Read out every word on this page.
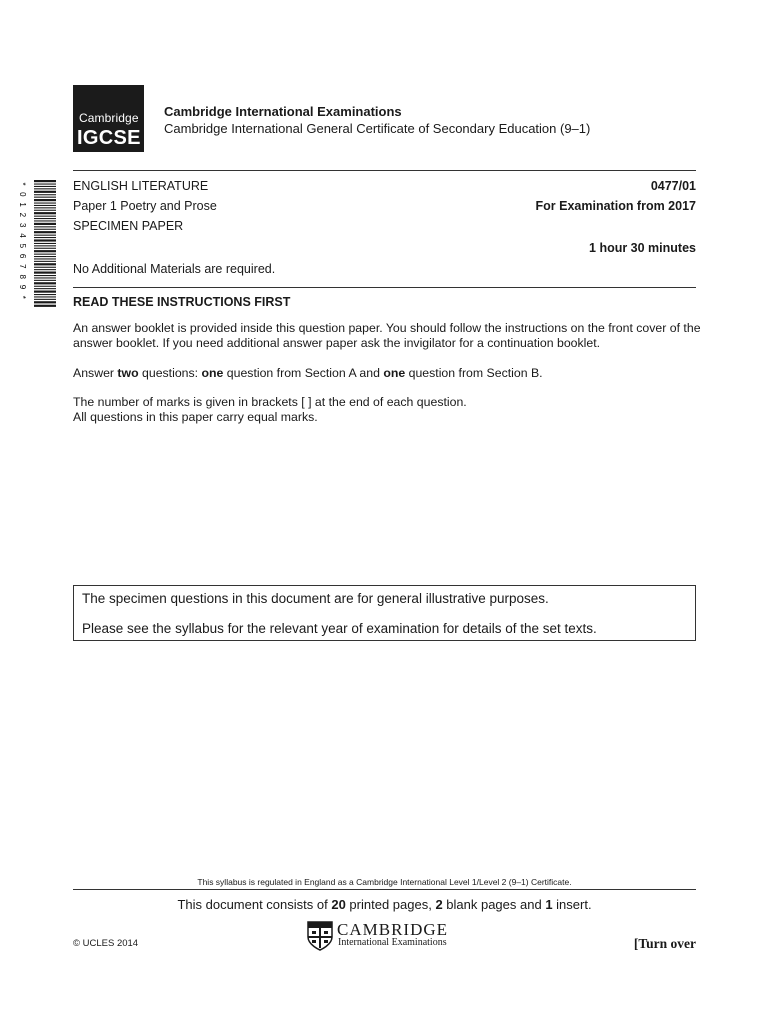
Cambridge
IGCSE
Cambridge International Examinations
Cambridge International General Certificate of Secondary Education (9–1)
*
0
1
2
3
4
5
6
7
8
9
*
ENGLISH LITERATURE	0477/01
Paper 1 Poetry and Prose	For Examination from 2017
SPECIMEN PAPER
1 hour 30 minutes
No Additional Materials are required.
READ THESE INSTRUCTIONS FIRST
An answer booklet is provided inside this question paper. You should follow the instructions on the front cover of the answer booklet. If you need additional answer paper ask the invigilator for a continuation booklet.
Answer two questions: one question from Section A and one question from Section B.
The number of marks is given in brackets [ ] at the end of each question.
All questions in this paper carry equal marks.
The specimen questions in this document are for general illustrative purposes.
Please see the syllabus for the relevant year of examination for details of the set texts.
This syllabus is regulated in England as a Cambridge International Level 1/Level 2 (9–1) Certificate.
This document consists of 20 printed pages, 2 blank pages and 1 insert.
© UCLES 2014
CAMBRIDGE
International Examinations	[Turn over
